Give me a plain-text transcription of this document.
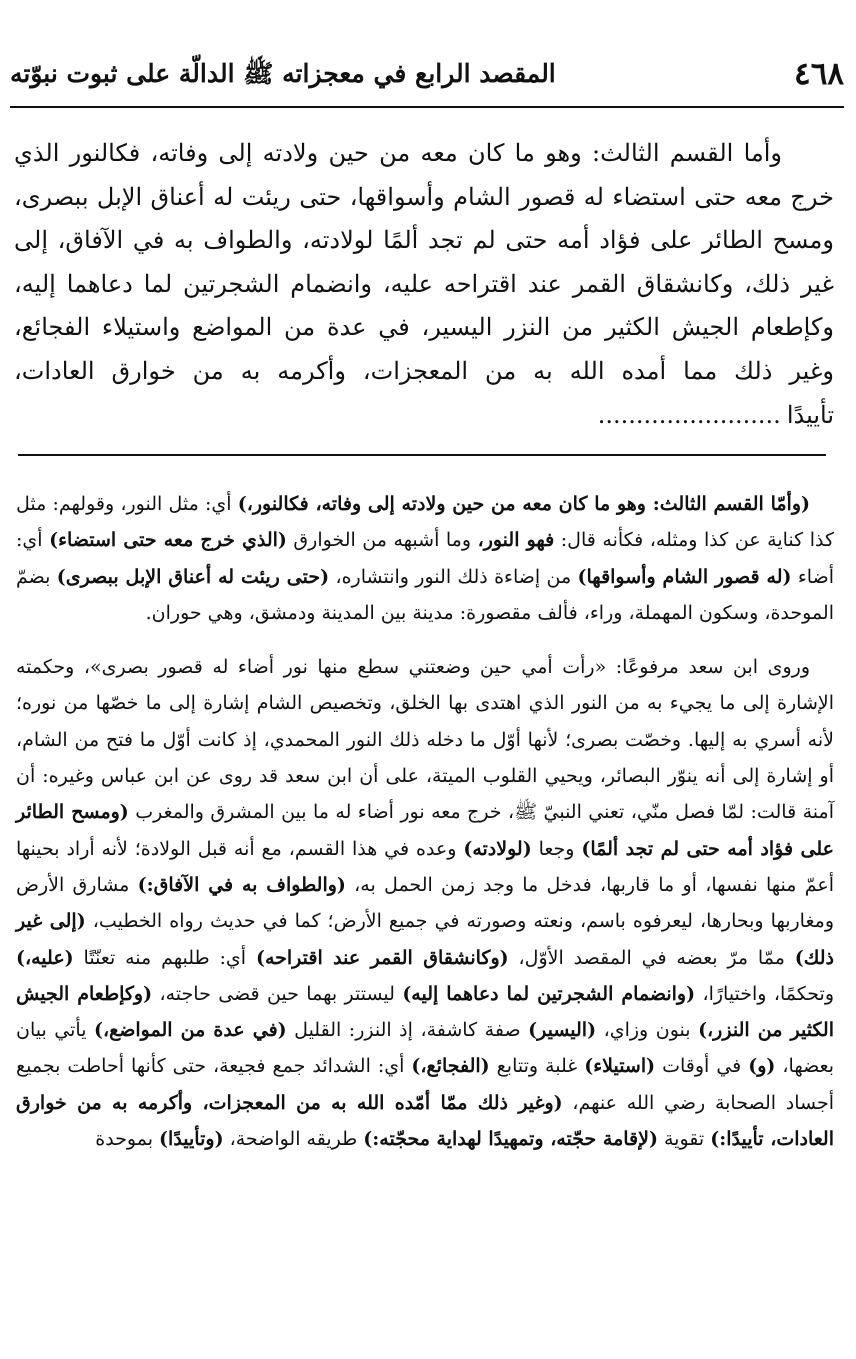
٤٦٨
المقصد الرابع في معجزاته ﷺ الدالّة على ثبوت نبوّته

وأما القسم الثالث: وهو ما كان معه من حين ولادته إلى وفاته، فكالنور الذي خرج معه حتى استضاء له قصور الشام وأسواقها، حتى ريئت له أعناق الإبل ببصرى، ومسح الطائر على فؤاد أمه حتى لم تجد ألمًا لولادته، والطواف به في الآفاق، إلى غير ذلك، وكانشقاق القمر عند اقتراحه عليه، وانضمام الشجرتين لما دعاهما إليه، وكإطعام الجيش الكثير من النزر اليسير، في عدة من المواضع واستيلاء الفجائع، وغير ذلك مما أمده الله به من المعجزات، وأكرمه به من خوارق العادات، تأييدًا........................

(وأمّا القسم الثالث: وهو ما كان معه من حين ولادته إلى وفاته، فكالنور،) أي: مثل النور، وقولهم: مثل كذا كناية عن كذا ومثله، فكأنه قال: فهو النور، وما أشبهه من الخوارق (الذي خرج معه حتى استضاء) أي: أضاء (له قصور الشام وأسواقها) من إضاءة ذلك النور وانتشاره، (حتى ريئت له أعناق الإبل ببصرى) بضمّ الموحدة، وسكون المهملة، وراء، فألف مقصورة: مدينة بين المدينة ودمشق، وهي حوران.

وروى ابن سعد مرفوعًا: «رأت أمي حين وضعتني سطع منها نور أضاء له قصور بصرى»، وحكمته الإشارة إلى ما يجيء به من النور الذي اهتدى بها الخلق، وتخصيص الشام إشارة إلى ما خصّها من نوره؛ لأنه أسري به إليها. وخصّت بصرى؛ لأنها أوّل ما دخله ذلك النور المحمدي، إذ كانت أوّل ما فتح من الشام، أو إشارة إلى أنه ينوّر البصائر، ويحيي القلوب الميتة، على أن ابن سعد قد روى عن ابن عباس وغيره: أن آمنة قالت: لمّا فصل منّي، تعني النبيّ ﷺ، خرج معه نور أضاء له ما بين المشرق والمغرب (ومسح الطائر على فؤاد أمه حتى لم تجد ألمًا) وجعا (لولادته) وعده في هذا القسم، مع أنه قبل الولادة؛ لأنه أراد بحينها أعمّ منها نفسها، أو ما قاربها، فدخل ما وجد زمن الحمل به، (والطواف به في الآفاق:) مشارق الأرض ومغاربها وبحارها، ليعرفوه باسم، ونعته وصورته في جميع الأرض؛ كما في حديث رواه الخطيب، (إلى غير ذلك) ممّا مرّ بعضه في المقصد الأوّل، (وكانشقاق القمر عند اقتراحه) أي: طلبهم منه تعنّتًا (عليه،) وتحكمًا، واختيارًا، (وانضمام الشجرتين لما دعاهما إليه) ليستتر بهما حين قضى حاجته، (وكإطعام الجيش الكثير من النزر،) بنون وزاي، (اليسير) صفة كاشفة، إذ النزر: القليل (في عدة من المواضع،) يأتي بيان بعضها، (و) في أوقات (استيلاء) غلبة وتتابع (الفجائع،) أي: الشدائد جمع فجيعة، حتى كأنها أحاطت بجميع أجساد الصحابة رضي الله عنهم، (وغير ذلك ممّا أمّده الله به من المعجزات، وأكرمه به من خوارق العادات، تأييدًا:) تقوية (لإقامة حجّته، وتمهيدًا لهداية محجّته:) طريقه الواضحة، (وتأييدًا) بموحدة
